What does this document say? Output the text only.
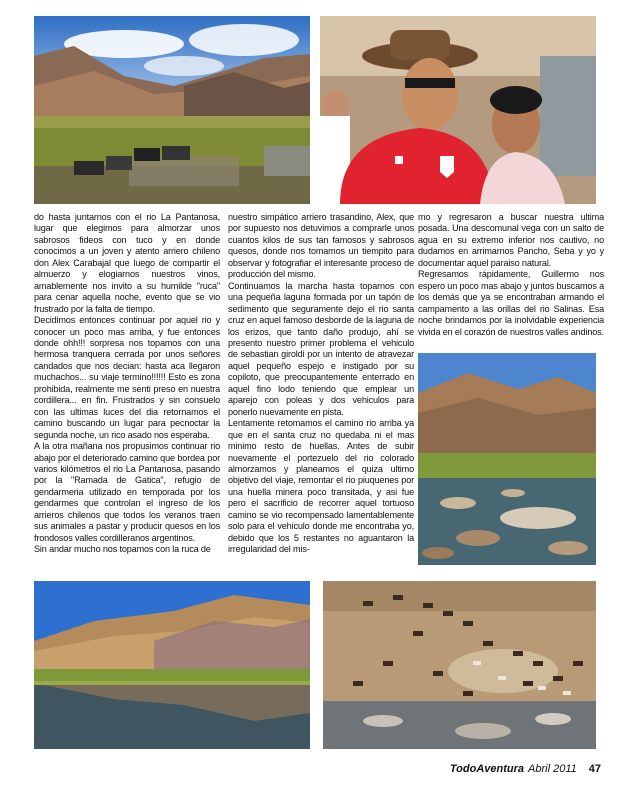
do hasta juntarnos con el rio La Pantanosa, lugar que elegimos para almorzar unos sabrosos fideos con tuco y en donde conocimos a un joven y atento arriero chileno don Alex Carabajal que luego de compartir el almuerzo y elogiarnos nuestros vinos, amablemente nos invito a su humilde "ruca" para cenar aquella noche, evento que se vio frustrado por la falta de tiempo.

Decidimos entonces continuar por aquel rio y conocer un poco mas arriba, y fue entonces donde ohh!!! sorpresa nos topamos con una hermosa tranquera cerrada por unos señores candados que nos decian: hasta aca llegaron muchachos... su viaje termino!!!!!! Esto es zona prohibida, realmente me senti preso en nuestra cordillera... en fin. Frustrados y sin consuelo con las ultimas luces del dia retornamos el camino buscando un lugar para pecnoctar la segunda noche, un rico asado nos esperaba.

A la otra mañana nos propusimos continuar rio abajo por el deteriorado camino que bordea por varios kilómetros el rio La Pantanosa, pasando por la "Ramada de Gatica", refugio de gendarmeria utilizado en temporada por los gendarmes que controlan el ingreso de los arrieros chilenos que todos los veranos traen sus animales a pastar y producir quesos en los frondosos valles cordilleranos argentinos.

Sin andar mucho nos topamos con la ruca de

nuestro simpático arriero trasandino, Alex, que por supuesto nos detuvimos a comprarle unos cuantos kilos de sus tan famosos y sabrosos quesos, donde nos tomamos un tiempito para observar y fotografiar el interesante proceso de producción del mismo.

Continuamos la marcha hasta toparnos con una pequeña laguna formada por un tapón de sedimento que seguramente dejo el rio santa cruz en aquel famoso desborde de la laguna de los erizos, que tanto daño produjo, ahí se presento nuestro primer problema el vehiculo de sebastian giroldi por un intento de atravezar aquel pequeño espejo e instigado por su copiloto, que preocupantemente enterrado en aquel fino lodo teniendo que emplear un aparejo con poleas y dos vehiculos para ponerlo nuevamente en pista.

Lentamente retomamos el camino rio arriba ya que en el santa cruz no quedaba ni el mas minimo resto de huellas. Antes de subir nuevamente el portezuelo del rio colorado almorzamos y planeamos el quiza ultimo objetivo del viaje, remontar el rio piuquenes por una huella minera poco transitada, y asi fue pero el sacrificio de recorrer aquel tortuoso camino se vio recompensado lamentablemente solo para el vehiculo donde me encontraba yo, debido que los 5 restantes no aguantaron la irregularidad del mis-

mo y regresaron a buscar nuestra ultima posada. Una descomunal vega con un salto de agua en su extremo inferior nos cautivo, no dudamos en arrimarnos Pancho, Seba y yo y documentar aquel paraiso natural.

Regresamos rápidamente, Guillermo nos espero un poco mas abajo y juntos buscamos a los demás que ya se encontraban armando el campamento a las orillas del rio Salinas. Esa noche brindamos por la inolvidable experiencia vivida en el corazón de nuestros valles andinos.

TodoAventura Abril 2011 47
